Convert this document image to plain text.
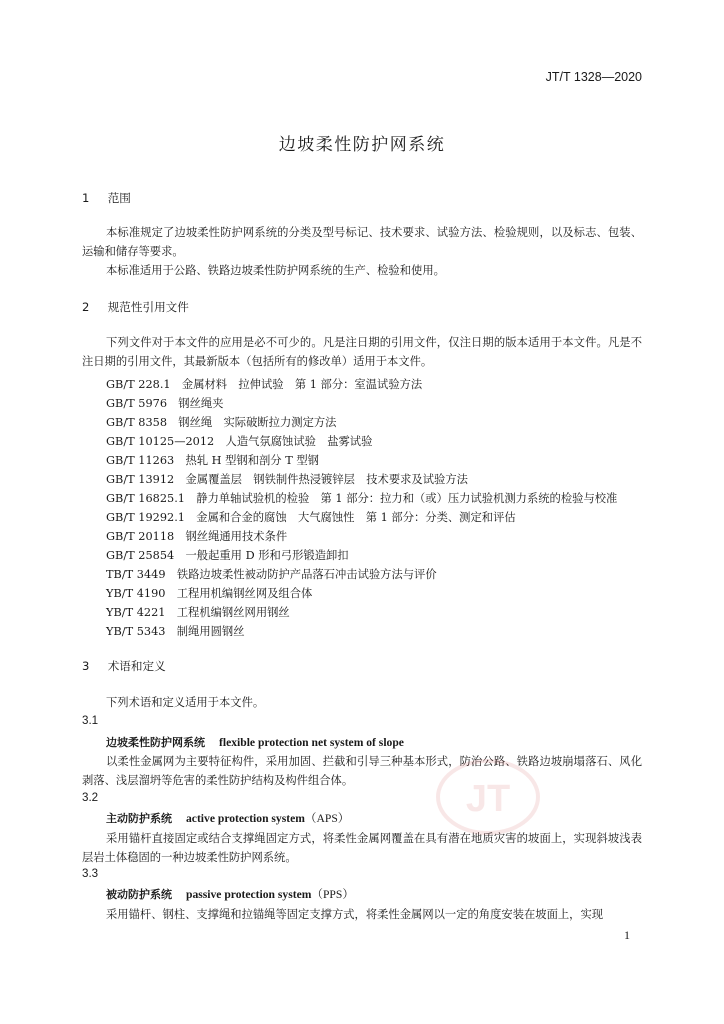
JT/T 1328—2020
边坡柔性防护网系统
1 范围
本标准规定了边坡柔性防护网系统的分类及型号标记、技术要求、试验方法、检验规则，以及标志、包装、运输和储存等要求。
本标准适用于公路、铁路边坡柔性防护网系统的生产、检验和使用。
2 规范性引用文件
下列文件对于本文件的应用是必不可少的。凡是注日期的引用文件，仅注日期的版本适用于本文件。凡是不注日期的引用文件，其最新版本（包括所有的修改单）适用于本文件。
GB/T 228.1　金属材料　拉伸试验　第 1 部分：室温试验方法
GB/T 5976　钢丝绳夹
GB/T 8358　钢丝绳　实际破断拉力测定方法
GB/T 10125—2012　人造气氛腐蚀试验　盐雾试验
GB/T 11263　热轧 H 型钢和剖分 T 型钢
GB/T 13912　金属覆盖层　钢铁制件热浸镀锌层　技术要求及试验方法
GB/T 16825.1　静力单轴试验机的检验　第 1 部分：拉力和（或）压力试验机测力系统的检验与校准
GB/T 19292.1　金属和合金的腐蚀　大气腐蚀性　第 1 部分：分类、测定和评估
GB/T 20118　钢丝绳通用技术条件
GB/T 25854　一般起重用 D 形和弓形锻造卸扣
TB/T 3449　铁路边坡柔性被动防护产品落石冲击试验方法与评价
YB/T 4190　工程用机编钢丝网及组合体
YB/T 4221　工程机编钢丝网用钢丝
YB/T 5343　制绳用圆钢丝
3 术语和定义
下列术语和定义适用于本文件。
3.1
边坡柔性防护网系统 flexible protection net system of slope
以柔性金属网为主要特征构件，采用加固、拦截和引导三种基本形式，防治公路、铁路边坡崩塌落石、风化剥落、浅层溜坍等危害的柔性防护结构及构件组合体。
3.2
主动防护系统 active protection system（APS）
采用锚杆直接固定或结合支撑绳固定方式，将柔性金属网覆盖在具有潜在地质灾害的坡面上，实现斜坡浅表层岩土体稳固的一种边坡柔性防护网系统。
3.3
被动防护系统 passive protection system（PPS）
采用锚杆、钢柱、支撑绳和拉锚绳等固定支撑方式，将柔性金属网以一定的角度安装在坡面上，实现
JT
1
